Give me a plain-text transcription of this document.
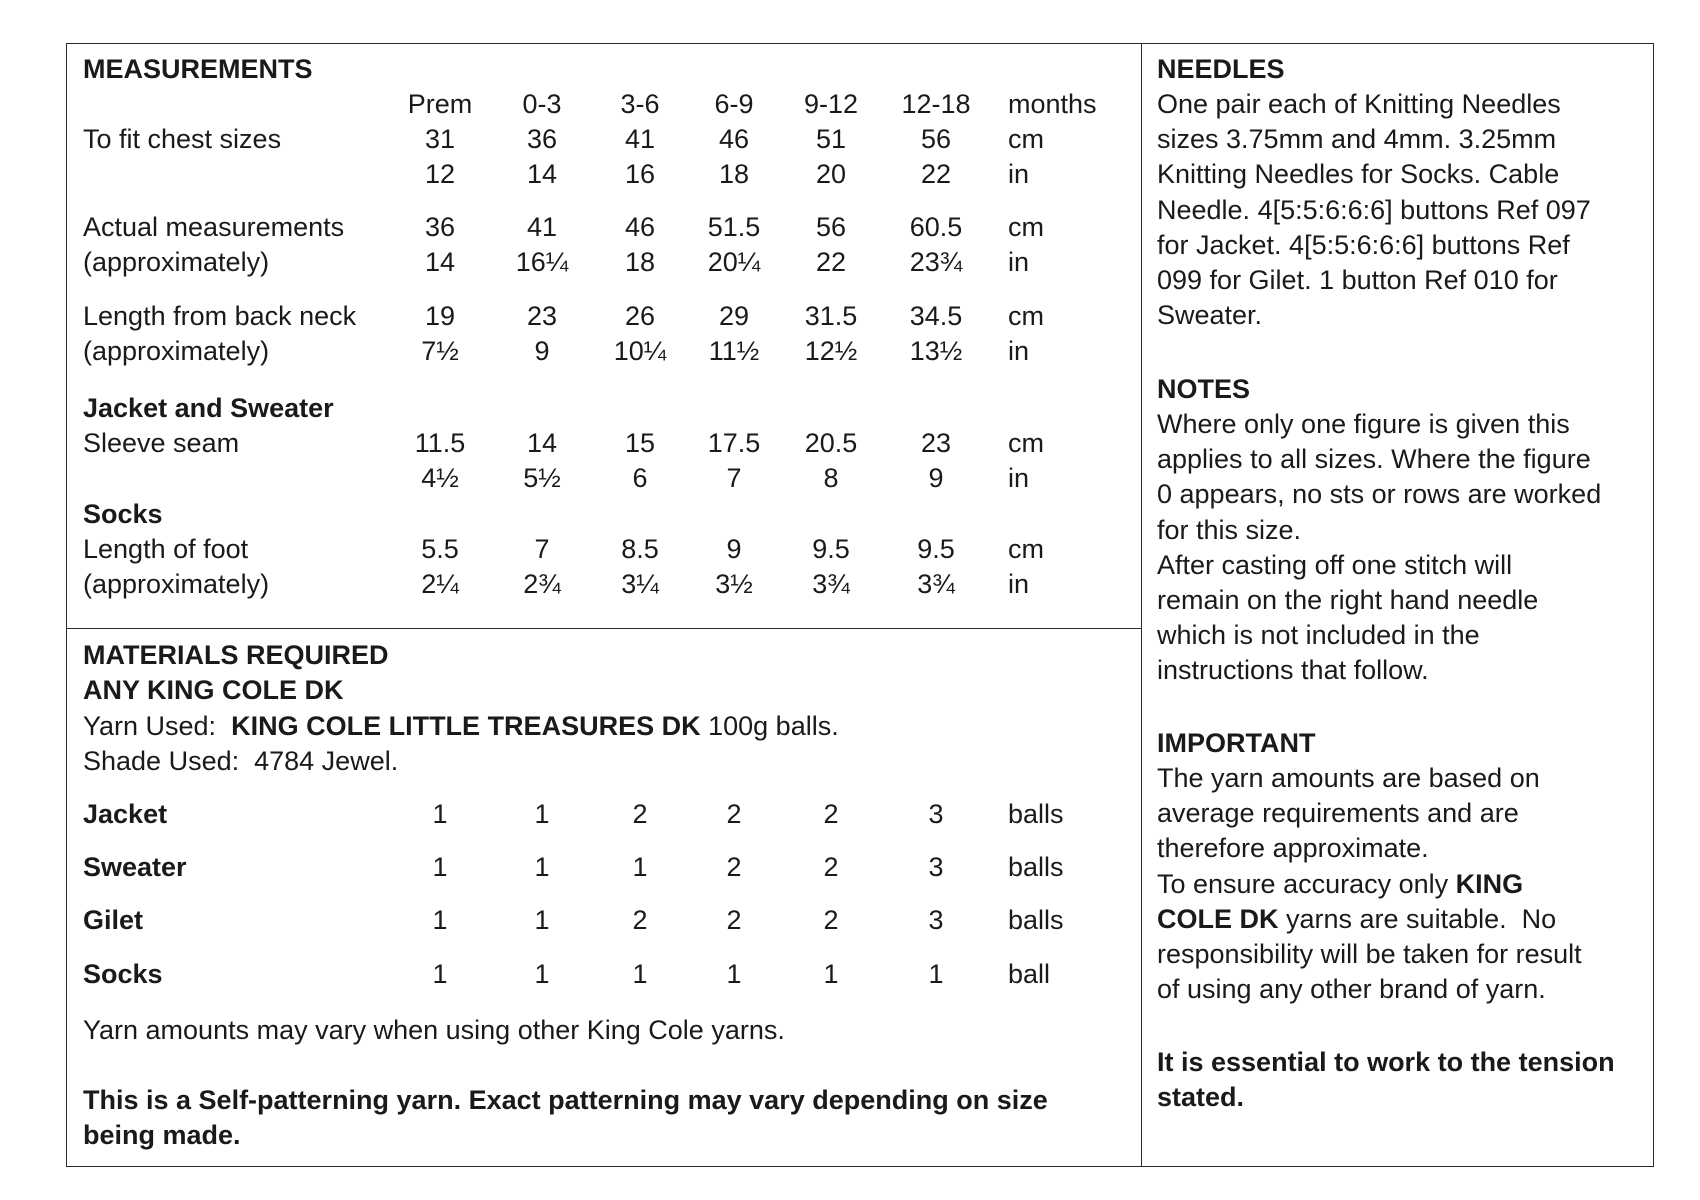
MEASUREMENTS
Prem	0-3	3-6	6-9	9-12	12-18	months
To fit chest sizes	31	36	41	46	51	56	cm
12	14	16	18	20	22	in
Actual measurements	36	41	46	51.5	56	60.5	cm
(approximately)	14	16¼	18	20¼	22	23¾	in
Length from back neck	19	23	26	29	31.5	34.5	cm
(approximately)	7½	9	10¼	11½	12½	13½	in
Sleeve seam	11.5	14	15	17.5	20.5	23	cm
4½	5½	6	7	8	9	in
Length of foot	5.5	7	8.5	9	9.5	9.5	cm
(approximately)	2¼	2¾	3¼	3½	3¾	3¾	in
Jacket and Sweater
Socks
MATERIALS REQUIRED
ANY KING COLE DK
Yarn Used: KING COLE LITTLE TREASURES DK 100g balls.
Shade Used:  4784 Jewel.
Jacket	1	1	2	2	2	3	balls
Sweater	1	1	1	2	2	3	balls
Gilet	1	1	2	2	2	3	balls
Socks	1	1	1	1	1	1	ball
Yarn amounts may vary when using other King Cole yarns.
This is a Self-patterning yarn. Exact patterning may vary depending on size
being made.
NEEDLES

One pair each of Knitting Needles

sizes 3.75mm and 4mm. 3.25mm

Knitting Needles for Socks. Cable

Needle. 4[5:5:6:6:6] buttons Ref 097

for Jacket. 4[5:5:6:6:6] buttons Ref

099 for Gilet. 1 button Ref 010 for

Sweater.

NOTES

Where only one figure is given this

applies to all sizes. Where the figure

0 appears, no sts or rows are worked

for this size.

After casting off one stitch will

remain on the right hand needle

which is not included in the

instructions that follow.

IMPORTANT

The yarn amounts are based on

average requirements and are

therefore approximate.

To ensure accuracy only KING

COLE DK yarns are suitable.  No

responsibility will be taken for result

of using any other brand of yarn.

It is essential to work to the tension
stated.
